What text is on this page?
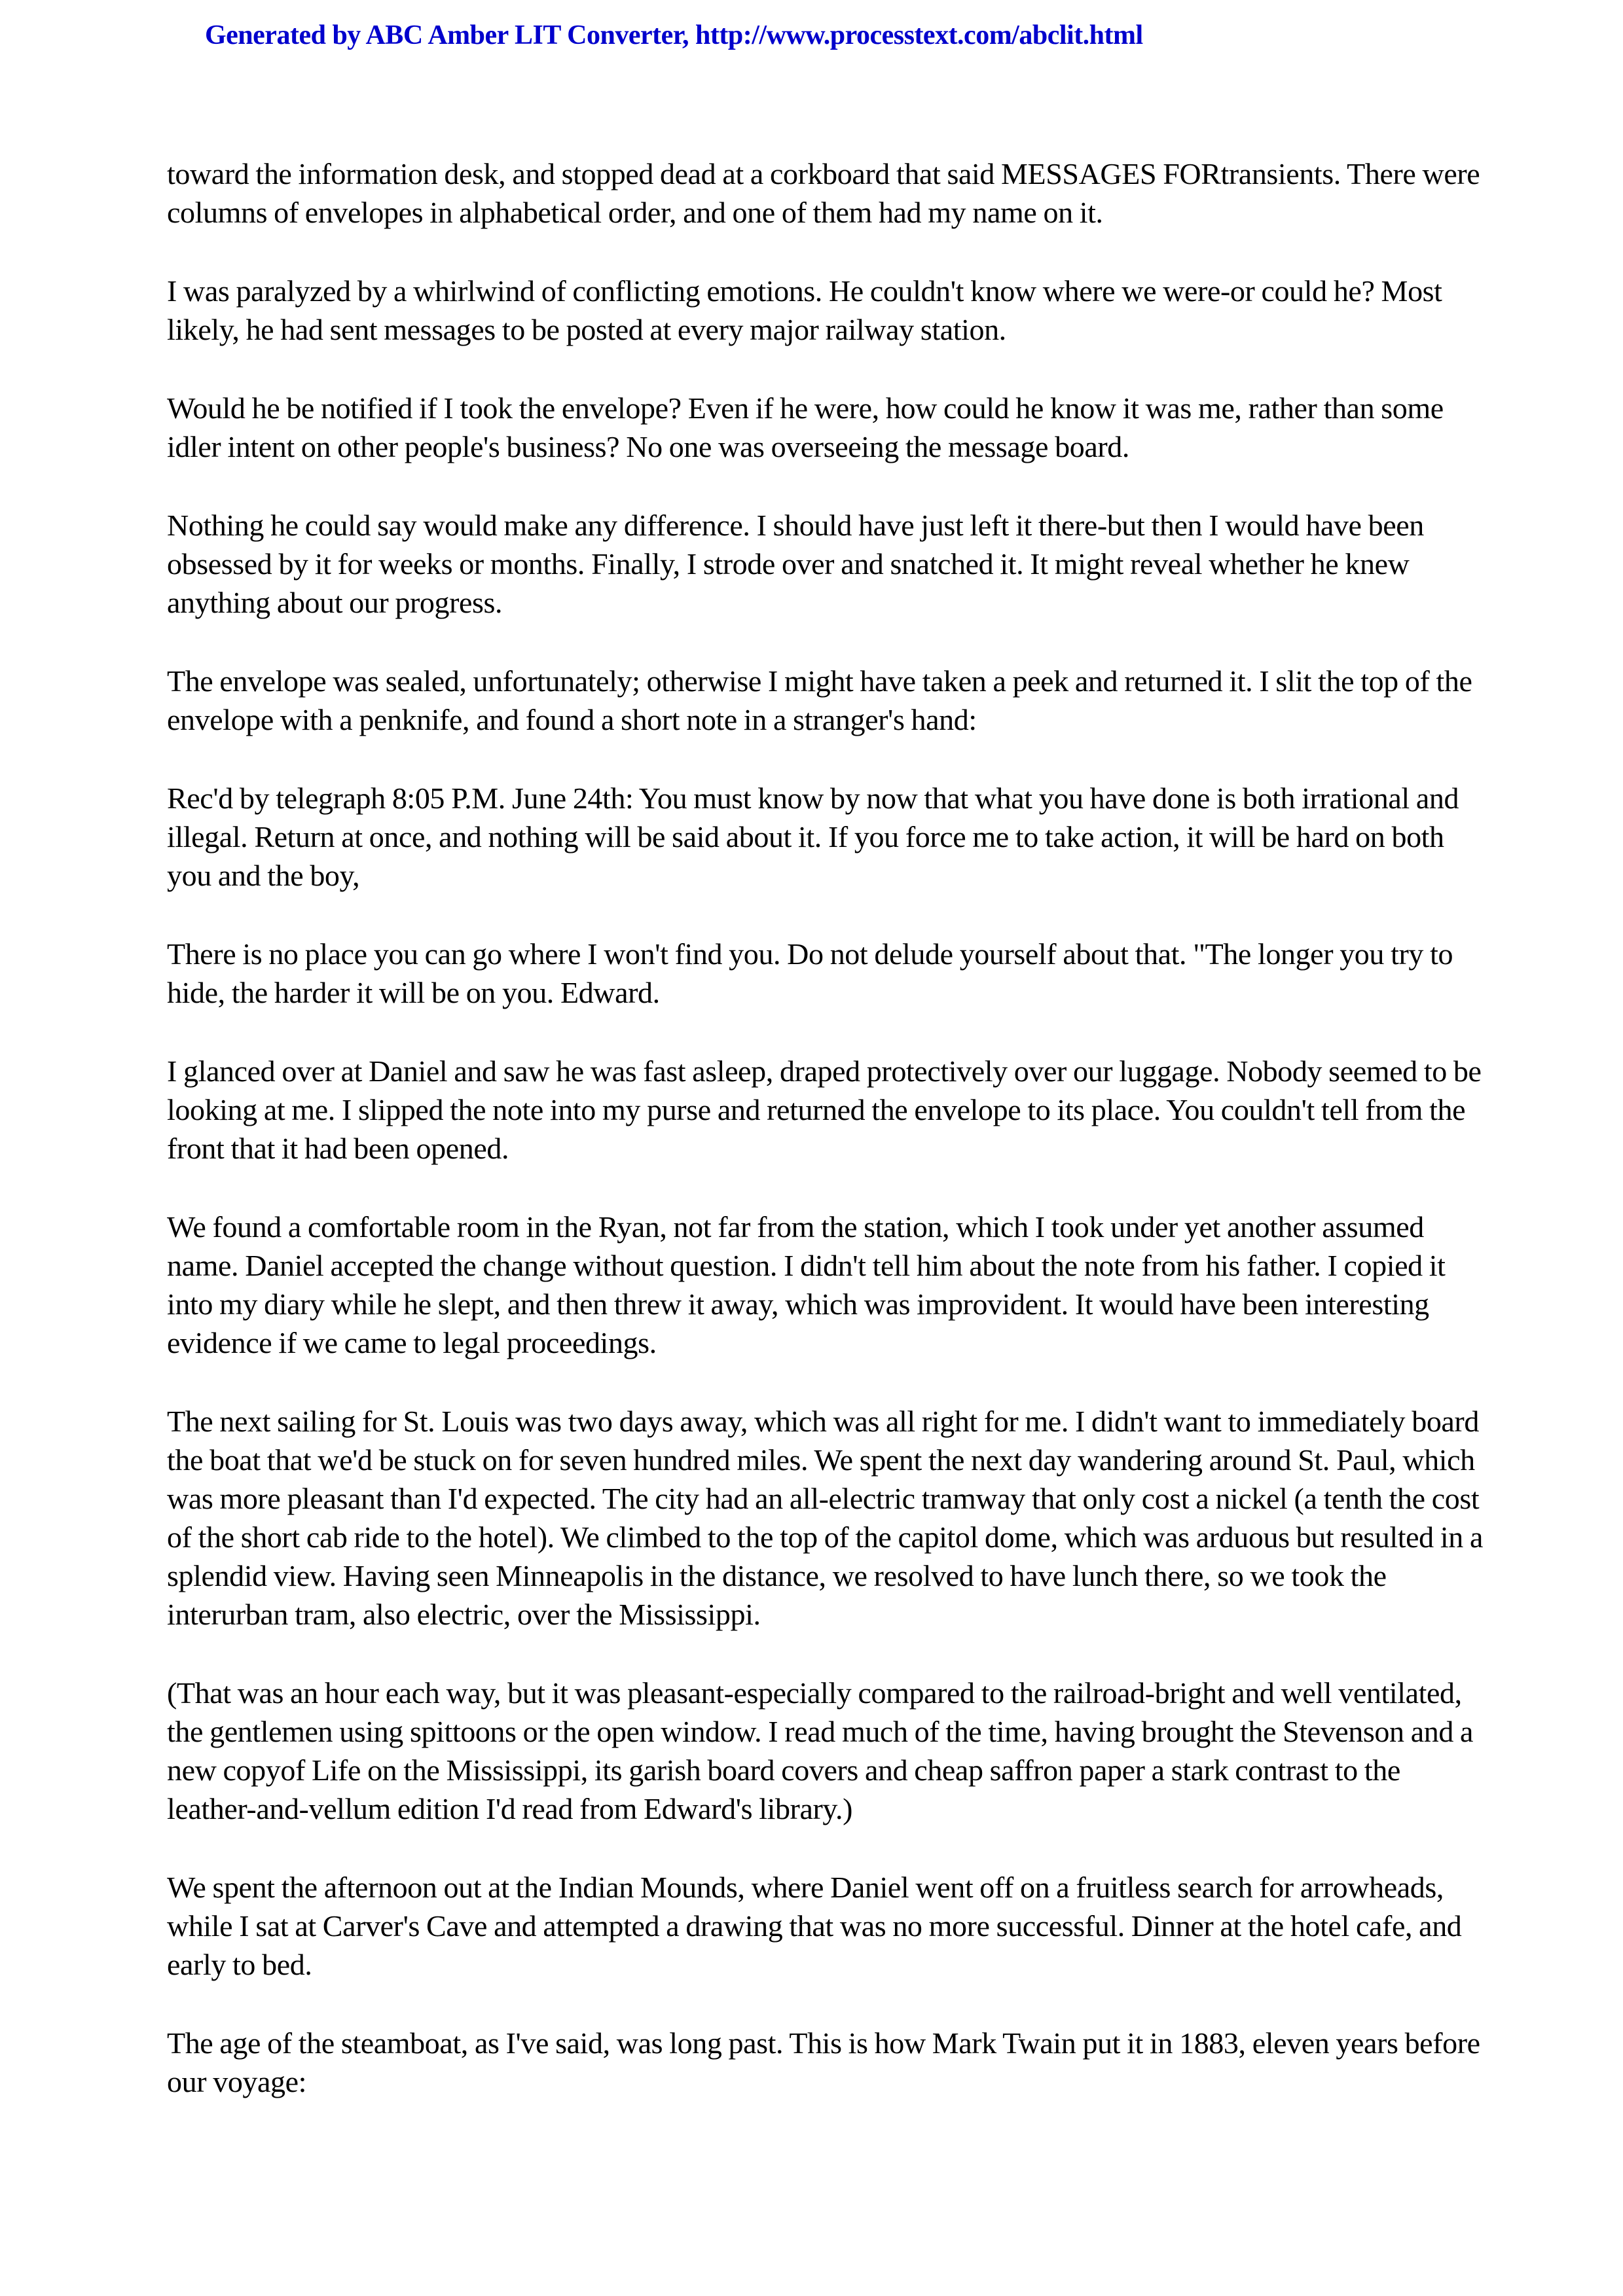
Generated by ABC Amber LIT Converter, http://www.processtext.com/abclit.html

toward the information desk, and stopped dead at a corkboard that said MESSAGES FORtransients. There were columns of envelopes in alphabetical order, and one of them had my name on it.

I was paralyzed by a whirlwind of conflicting emotions. He couldn't know where we were-or could he? Most likely, he had sent messages to be posted at every major railway station.

Would he be notified if I took the envelope? Even if he were, how could he know it was me, rather than some idler intent on other people's business? No one was overseeing the message board.

Nothing he could say would make any difference. I should have just left it there-but then I would have been obsessed by it for weeks or months. Finally, I strode over and snatched it. It might reveal whether he knew anything about our progress.

The envelope was sealed, unfortunately; otherwise I might have taken a peek and returned it. I slit the top of the envelope with a penknife, and found a short note in a stranger's hand:

Rec'd by telegraph 8:05 P.M. June 24th: You must know by now that what you have done is both irrational and illegal. Return at once, and nothing will be said about it. If you force me to take action, it will be hard on both you and the boy,

There is no place you can go where I won't find you. Do not delude yourself about that. "The longer you try to hide, the harder it will be on you. Edward.

I glanced over at Daniel and saw he was fast asleep, draped protectively over our luggage. Nobody seemed to be looking at me. I slipped the note into my purse and returned the envelope to its place. You couldn't tell from the front that it had been opened.

We found a comfortable room in the Ryan, not far from the station, which I took under yet another assumed name. Daniel accepted the change without question. I didn't tell him about the note from his father. I copied it into my diary while he slept, and then threw it away, which was improvident. It would have been interesting evidence if we came to legal proceedings.

The next sailing for St. Louis was two days away, which was all right for me. I didn't want to immediately board the boat that we'd be stuck on for seven hundred miles. We spent the next day wandering around St. Paul, which was more pleasant than I'd expected. The city had an all-electric tramway that only cost a nickel (a tenth the cost of the short cab ride to the hotel). We climbed to the top of the capitol dome, which was arduous but resulted in a splendid view. Having seen Minneapolis in the distance, we resolved to have lunch there, so we took the interurban tram, also electric, over the Mississippi.

(That was an hour each way, but it was pleasant-especially compared to the railroad-bright and well ventilated, the gentlemen using spittoons or the open window. I read much of the time, having brought the Stevenson and a new copyof Life on the Mississippi, its garish board covers and cheap saffron paper a stark contrast to the leather-and-vellum edition I'd read from Edward's library.)

We spent the afternoon out at the Indian Mounds, where Daniel went off on a fruitless search for arrowheads, while I sat at Carver's Cave and attempted a drawing that was no more successful. Dinner at the hotel cafe, and early to bed.

The age of the steamboat, as I've said, was long past. This is how Mark Twain put it in 1883, eleven years before our voyage:
